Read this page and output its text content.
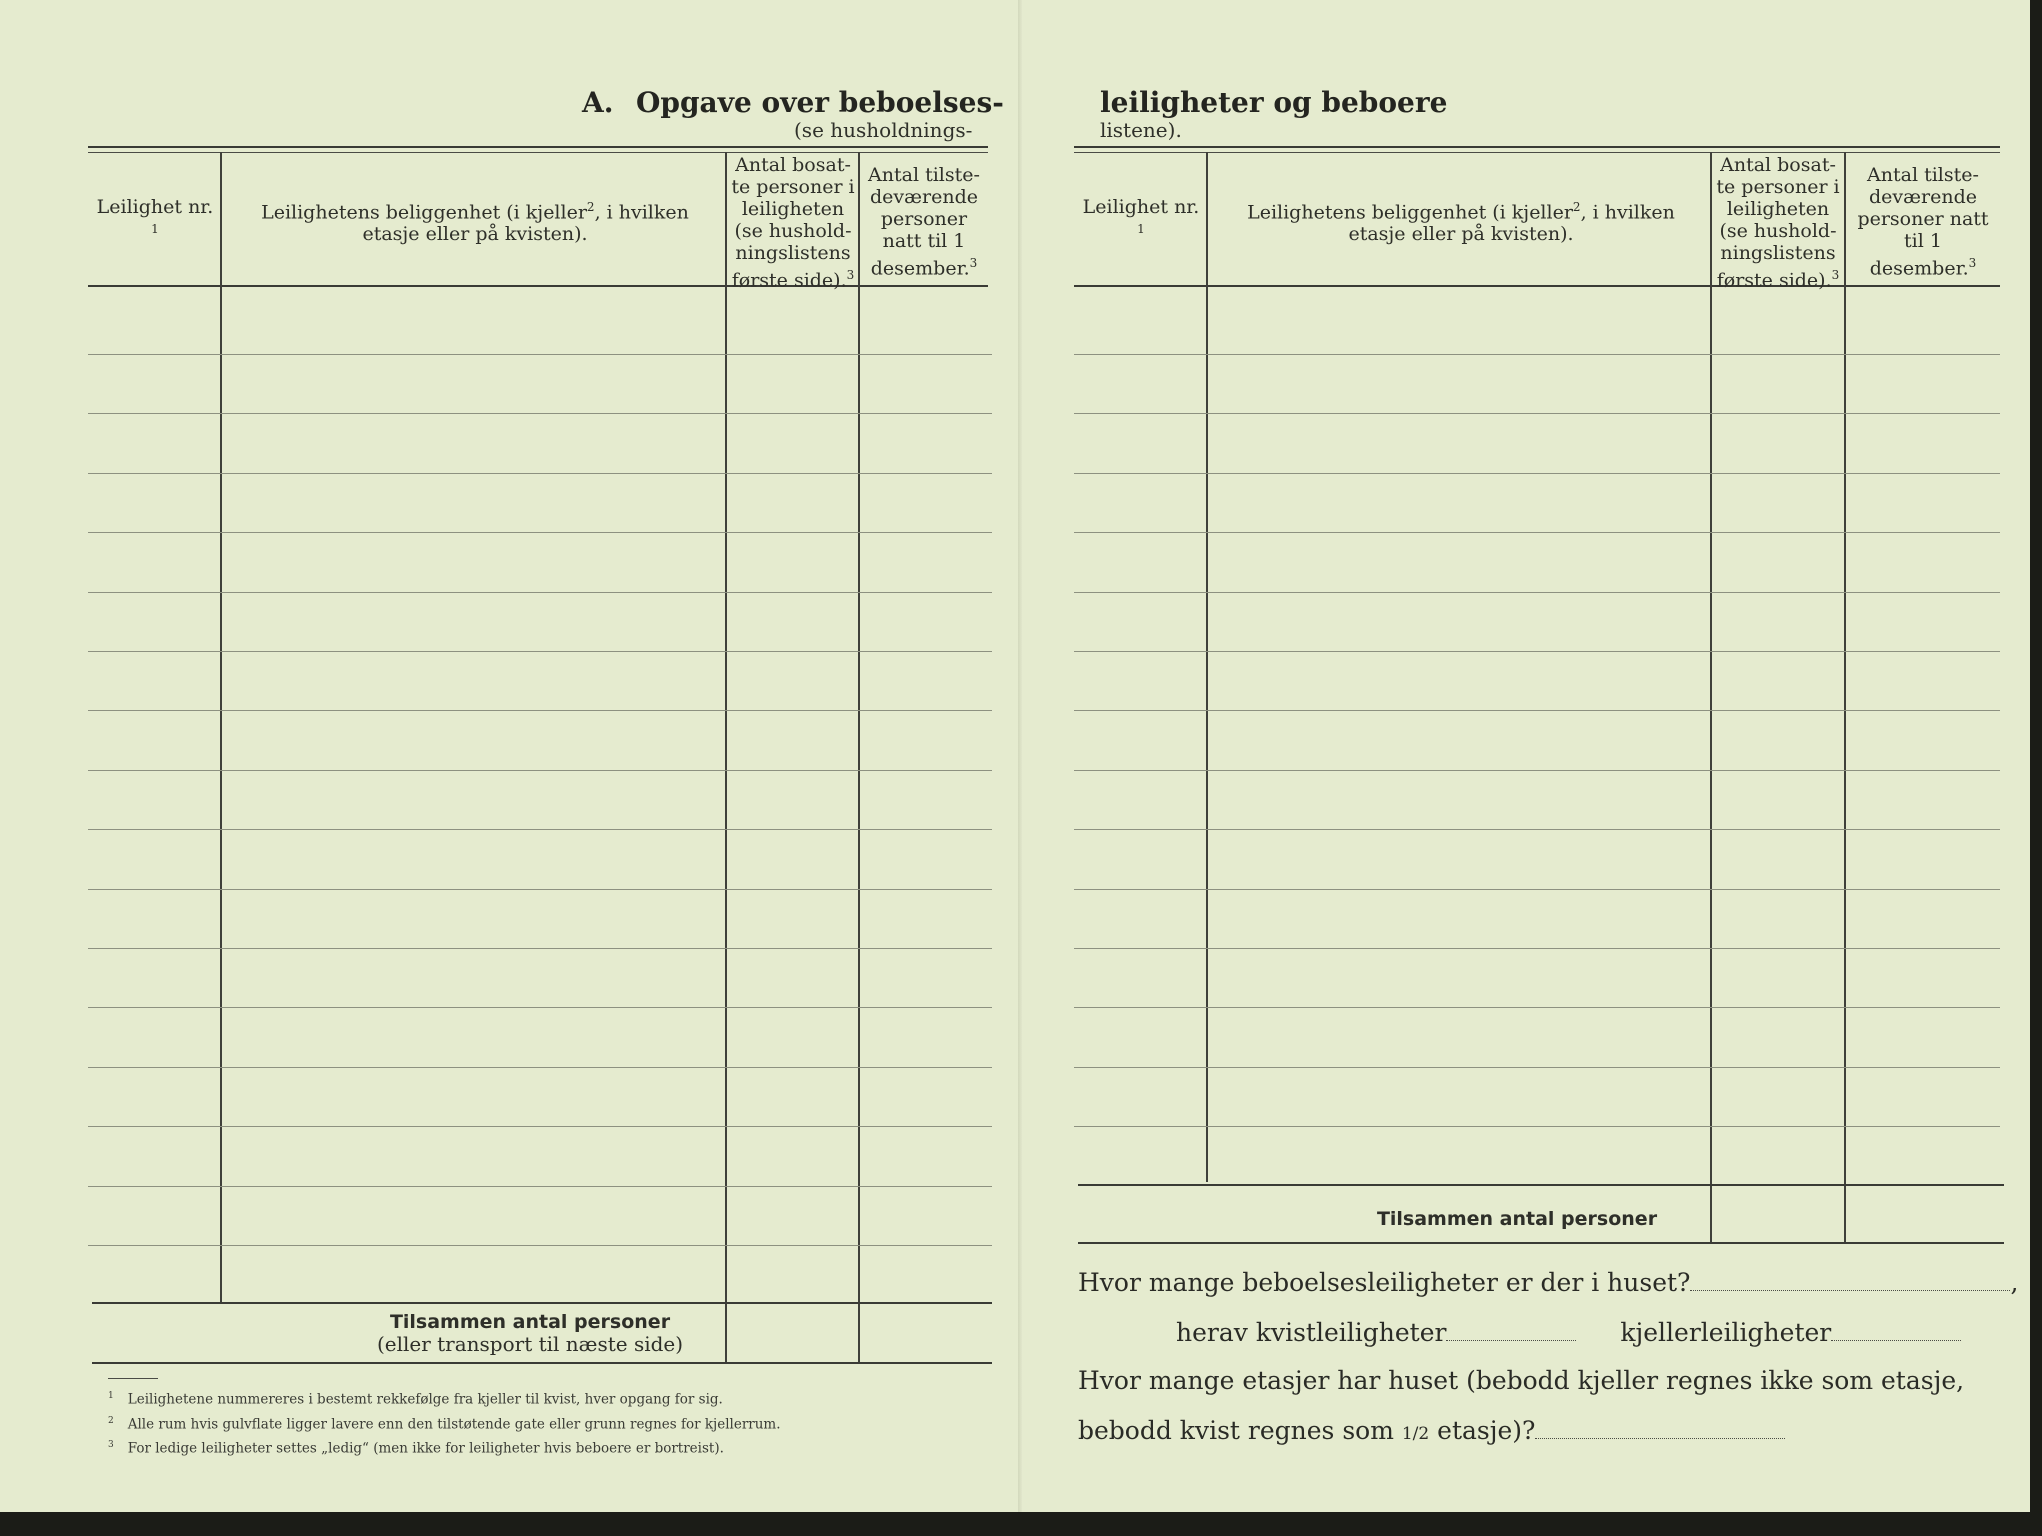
A. Opgave over beboelses-
(se husholdnings-
Leilighet nr. $^1$
Leilighetens beliggenhet (i kjeller$^2$, i hvilken etasje eller på kvisten).
Antal bosat-te personer i leiligheten (se hushold-ningslistens første side).$^3$
Antal tilste-deværende personer natt til 1 desember.$^3$
Tilsammen antal personer
(eller transport til næste side)
$^1$ Leilighetene nummereres i bestemt rekkefølge fra kjeller til kvist, hver opgang for sig.
$^2$ Alle rum hvis gulvflate ligger lavere enn den tilstøtende gate eller grunn regnes for kjellerrum.
$^3$ For ledige leiligheter settes „ledig“ (men ikke for leiligheter hvis beboere er bortreist).
leiligheter og beboere
listene).
Leilighet nr. $^1$
Leilighetens beliggenhet (i kjeller$^2$, i hvilken etasje eller på kvisten).
Antal bosat-te personer i leiligheten (se hushold-ningslistens første side).$^3$
Antal tilste-deværende personer natt til 1 desember.$^3$
Tilsammen antal personer
Hvor mange beboelsesleiligheter er der i huset?	,
herav kvistleiligheter	kjellerleiligheter
Hvor mange etasjer har huset (bebodd kjeller regnes ikke som etasje,
bebodd kvist regnes som 1/2 etasje)?
